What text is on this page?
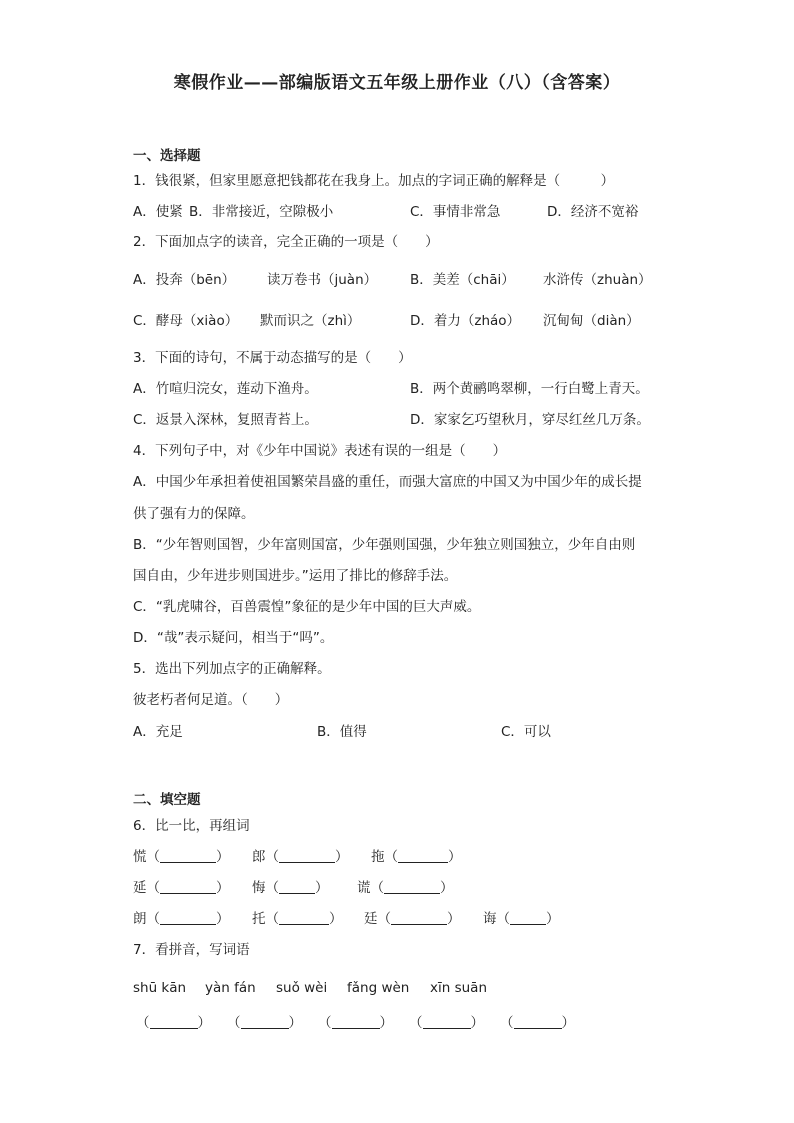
寒假作业——部编版语文五年级上册作业（八）（含答案）
一、选择题
1．钱很紧，但家里愿意把钱都花在我身上。加点的字词正确的解释是（　　　）
A．使紧 B．非常接近，空隙极小	C．事情非常急	D．经济不宽裕
2．下面加点字的读音，完全正确的一项是（　　）
A．投奔（bēn） 读万卷书（juàn） B．美差（chāi） 水浒传（zhuàn）
C．酵母（xiào） 默而识之（zhì）	D．着力（zháo） 沉甸甸（diàn）
3．下面的诗句，不属于动态描写的是（　　）
A．竹喧归浣女，莲动下渔舟。	B．两个黄鹂鸣翠柳，一行白鹭上青天。
C．返景入深林，复照青苔上。	D．家家乞巧望秋月，穿尽红丝几万条。
4．下列句子中，对《少年中国说》表述有误的一组是（　　）
A．中国少年承担着使祖国繁荣昌盛的重任，而强大富庶的中国又为中国少年的成长提
供了强有力的保障。
B．“少年智则国智，少年富则国富，少年强则国强，少年独立则国独立，少年自由则
国自由，少年进步则国进步。”运用了排比的修辞手法。
C．“乳虎啸谷，百兽震惶”象征的是少年中国的巨大声威。
D．“哉”表示疑问，相当于“吗”。
5．选出下列加点字的正确解释。
彼老朽者何足道。（　　）
A．充足	B．值得	C．可以
二、填空题
6．比一比，再组词
慌（	） 郎（	） 拖（	）
延（	） 悔（	） 谎（	）
朗（	） 托（	） 廷（	） 诲（	）
7．看拼音，写词语
shū kān yàn fán suǒ wèi fǎng wèn xīn suān
（	） （	） （	） （	） （	）
